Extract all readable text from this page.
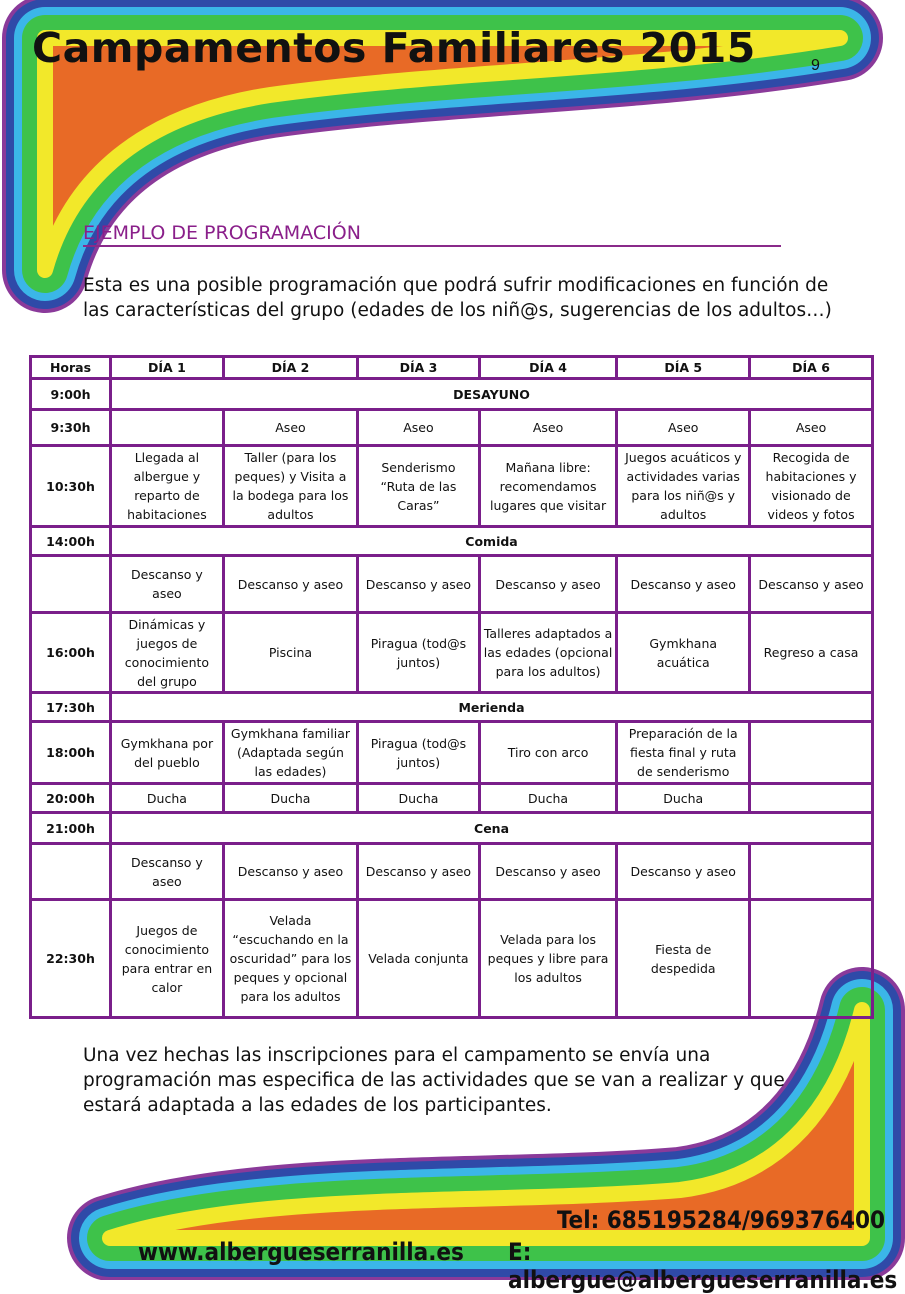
Campamentos Familiares 2015	9
EJEMPLO DE PROGRAMACIÓN
Esta es una posible programación que podrá sufrir modificaciones en función de las características del grupo (edades de los niñ@s, sugerencias de los adultos…)
Horas	DÍA 1	DÍA 2	DÍA 3	DÍA 4	DÍA 5	DÍA 6
9:00h	DESAYUNO					
9:30h		Aseo	Aseo	Aseo	Aseo	Aseo
10:30h	Llegada al albergue y reparto de habitaciones	Taller (para los peques) y Visita a la bodega para los adultos	Senderismo “Ruta de las Caras”	Mañana libre: recomendamos lugares que visitar	Juegos acuáticos y actividades varias para los niñ@s y adultos	Recogida de habitaciones y visionado de videos y fotos
14:00h	Comida					
	Descanso y aseo	Descanso y aseo	Descanso y aseo	Descanso y aseo	Descanso y aseo	Descanso y aseo
16:00h	Dinámicas y juegos de conocimiento del grupo	Piscina	Piragua (tod@s juntos)	Talleres adaptados a las edades (opcional para los adultos)	Gymkhana acuática	Regreso a casa
17:30h	Merienda					
18:00h	Gymkhana por del pueblo	Gymkhana familiar (Adaptada según las edades)	Piragua (tod@s juntos)	Tiro con arco	Preparación de la fiesta final y ruta de senderismo	
20:00h	Ducha	Ducha	Ducha	Ducha	Ducha	
21:00h	Cena					
	Descanso y aseo	Descanso y aseo	Descanso y aseo	Descanso y aseo	Descanso y aseo	
22:30h	Juegos de conocimiento para entrar en calor	Velada “escuchando en la oscuridad” para los peques y opcional para los adultos	Velada conjunta	Velada para los peques y libre para los adultos	Fiesta de despedida	
Una vez hechas las inscripciones para el campamento se envía una programación mas especifica de las actividades que se van a realizar y que estará adaptada a las edades de los participantes.
Tel: 685195284/969376400
www.albergueserranilla.es E: albergue@albergueserranilla.es
